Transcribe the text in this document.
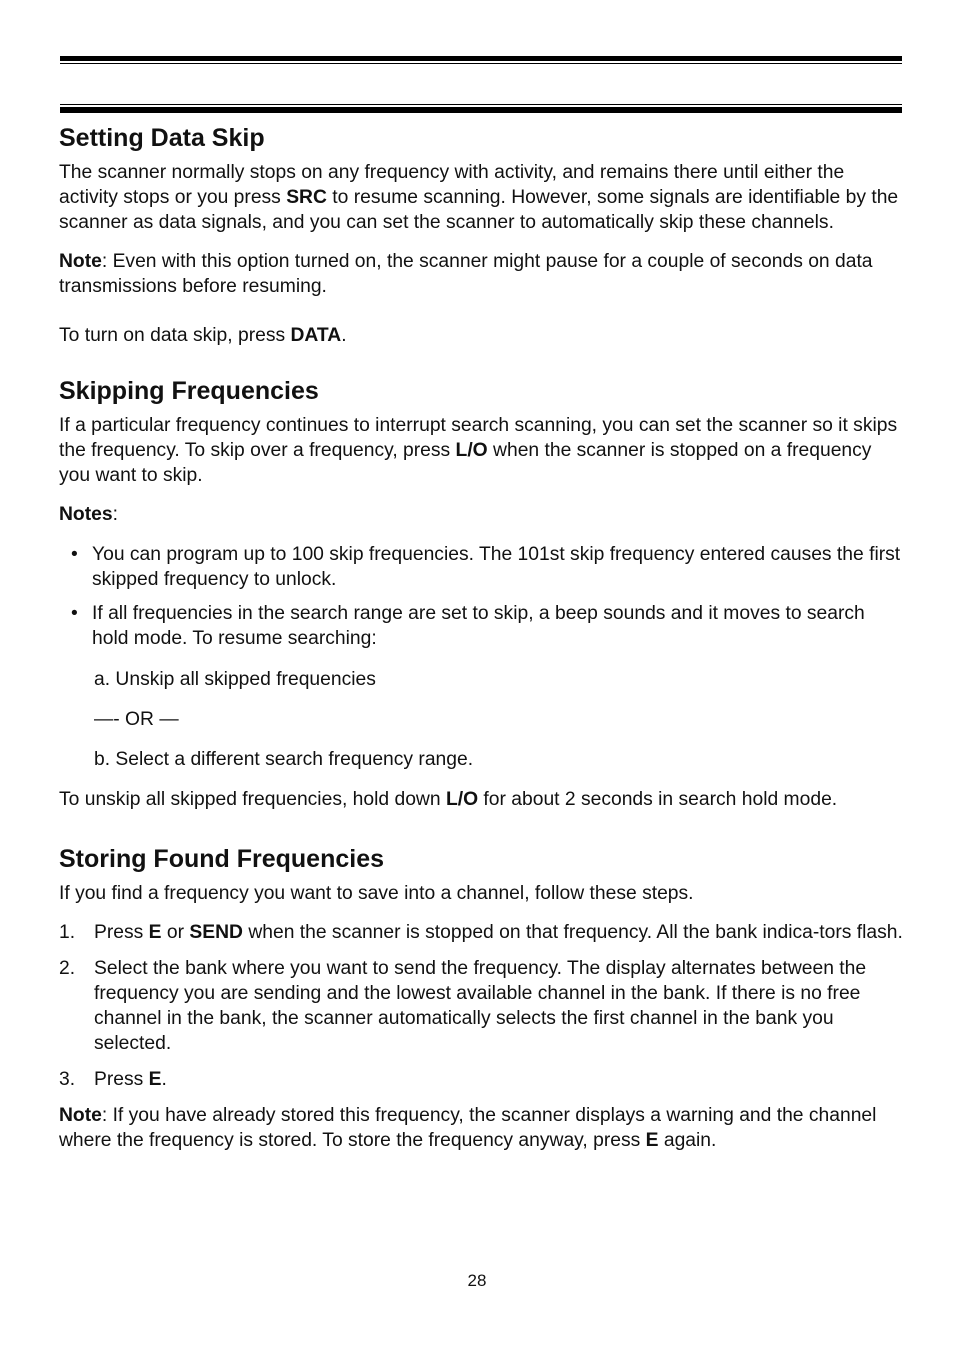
Setting Data Skip

The scanner normally stops on any frequency with activity, and remains there until either the activity stops or you press SRC to resume scanning. However, some signals are identifiable by the scanner as data signals, and you can set the scanner to automatically skip these channels.

Note: Even with this option turned on, the scanner might pause for a couple of seconds on data transmissions before resuming.

To turn on data skip, press DATA.

Skipping Frequencies

If a particular frequency continues to interrupt search scanning, you can set the scanner so it skips the frequency. To skip over a frequency, press L/O when the scanner is stopped on a frequency you want to skip.

Notes:

• You can program up to 100 skip frequencies. The 101st skip frequency entered causes the first skipped frequency to unlock.
• If all frequencies in the search range are set to skip, a beep sounds and it moves to search hold mode. To resume searching:

a. Unskip all skipped frequencies

—- OR —

b. Select a different search frequency range.

To unskip all skipped frequencies, hold down L/O for about 2 seconds in search hold mode.

Storing Found Frequencies

If you find a frequency you want to save into a channel, follow these steps.

1. Press E or SEND when the scanner is stopped on that frequency. All the bank indica-tors flash.
2. Select the bank where you want to send the frequency. The display alternates between the frequency you are sending and the lowest available channel in the bank. If there is no free channel in the bank, the scanner automatically selects the first channel in the bank you selected.
3. Press E.

Note: If you have already stored this frequency, the scanner displays a warning and the channel where the frequency is stored. To store the frequency anyway, press E again.

28
